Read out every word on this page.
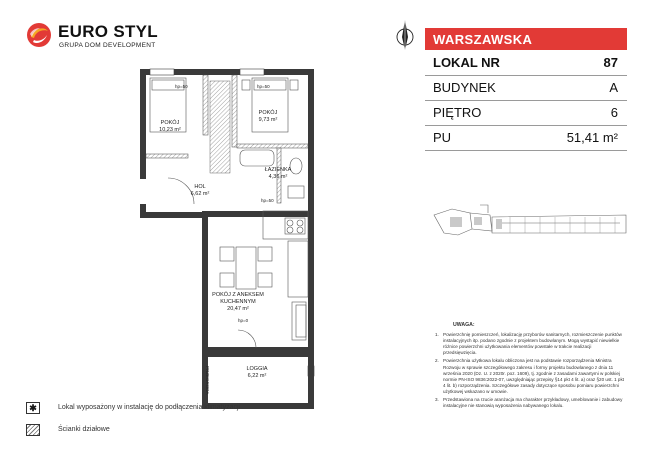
EURO STYL
GRUPA DOM DEVELOPMENT	WARSZAWSKA
LOKAL NR	87
BUDYNEK	A
PIĘTRO	6
PU	51,41 m²
POKÓJ
10,23 m²
POKÓJ
9,73 m²
ŁAZIENKA
4,36 m²
HOL
6,62 m²
POKÓJ Z ANEKSEM
KUCHENNYM
20,47 m²
LOGGIA
6,22 m²
hp=50	hp=50
hp=50
hp=0
PRZEGRODA
UWAGA:
1. Powierzchnię pomieszczeń, lokalizację przyborów sanitarnych, rozmieszczenie punktów instalacyjnych itp. podano zgodnie z projektem budowlanym. Mogą wystąpić niewielkie różnice powierzchni użytkowania elementów powstałe w trakcie realizacji przedsięwzięcia.
2. Powierzchnia użytkowa lokalu obliczona jest na podstawie rozporządzenia Ministra Rozwoju w sprawie szczegółowego zakresu i formy projektu budowlanego z dnia 11 września 2020 (Dz. U. z 2020r. poz. 1609), tj. zgodnie z zasadami zawartymi w polskiej normie PN-ISO 9836:2022-07, uwzględniając przepisy §14 pkt 4 lit. a) oraz §20 ust. 1 pkt 4 lit. b) rozporządzenia. Szczegółowe zasady dotyczące sposobu pomiaru powierzchni użytkowej wskazano w umowie.
3. Przedstawiona na rzucie aranżacja ma charakter przykładowy, umeblowanie i zabudowy instalacyjne nie stanowią wyposażenia nabywanego lokalu.
✱	Lokal wyposażony w instalację do podłączenia klimatyzacji
Ścianki działowe
